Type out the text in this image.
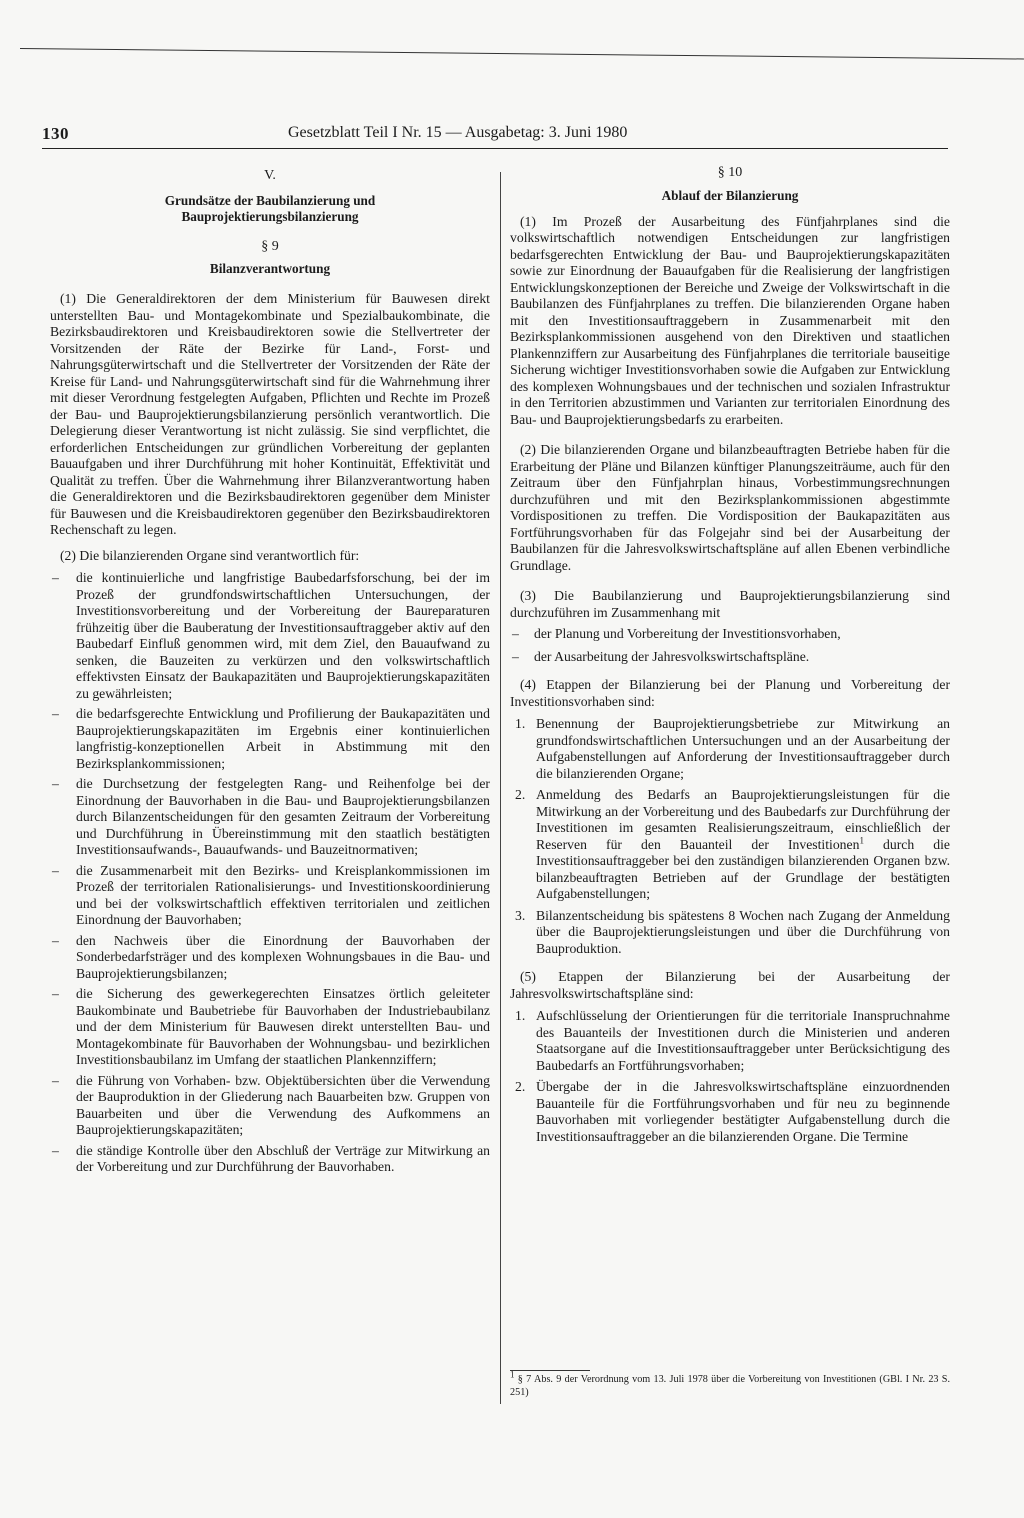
130	Gesetzblatt Teil I Nr. 15 — Ausgabetag: 3. Juni 1980
V.
Grundsätze der Baubilanzierung und
Bauprojektierungsbilanzierung
§ 9
Bilanzverantwortung

(1) Die Generaldirektoren der dem Ministerium für Bauwesen direkt unterstellten Bau- und Montagekombinate und Spezialbaukombinate, die Bezirksbaudirektoren und Kreisbaudirektoren sowie die Stellvertreter der Vorsitzenden der Räte der Bezirke für Land-, Forst- und Nahrungsgüterwirtschaft und die Stellvertreter der Vorsitzenden der Räte der Kreise für Land- und Nahrungsgüterwirtschaft sind für die Wahrnehmung ihrer mit dieser Verordnung festgelegten Aufgaben, Pflichten und Rechte im Prozeß der Bau- und Bauprojektierungsbilanzierung persönlich verantwortlich. Die Delegierung dieser Verantwortung ist nicht zulässig. Sie sind verpflichtet, die erforderlichen Entscheidungen zur gründlichen Vorbereitung der geplanten Bauaufgaben und ihrer Durchführung mit hoher Kontinuität, Effektivität und Qualität zu treffen. Über die Wahrnehmung ihrer Bilanzverantwortung haben die Generaldirektoren und die Bezirksbaudirektoren gegenüber dem Minister für Bauwesen und die Kreisbaudirektoren gegenüber den Bezirksbaudirektoren Rechenschaft zu legen.

(2) Die bilanzierenden Organe sind verantwortlich für:

– die kontinuierliche und langfristige Baubedarfsforschung, bei der im Prozeß der grundfondswirtschaftlichen Untersuchungen, der Investitionsvorbereitung und der Vorbereitung der Baureparaturen frühzeitig über die Bauberatung der Investitionsauftraggeber aktiv auf den Baubedarf Einfluß genommen wird, mit dem Ziel, den Bauaufwand zu senken, die Bauzeiten zu verkürzen und den volkswirtschaftlich effektivsten Einsatz der Baukapazitäten und Bauprojektierungskapazitäten zu gewährleisten;
– die bedarfsgerechte Entwicklung und Profilierung der Baukapazitäten und Bauprojektierungskapazitäten im Ergebnis einer kontinuierlichen langfristig-konzeptionellen Arbeit in Abstimmung mit den Bezirksplankommissionen;
– die Durchsetzung der festgelegten Rang- und Reihenfolge bei der Einordnung der Bauvorhaben in die Bau- und Bauprojektierungsbilanzen durch Bilanzentscheidungen für den gesamten Zeitraum der Vorbereitung und Durchführung in Übereinstimmung mit den staatlich bestätigten Investitionsaufwands-, Bauaufwands- und Bauzeitnormativen;
– die Zusammenarbeit mit den Bezirks- und Kreisplankommissionen im Prozeß der territorialen Rationalisierungs- und Investitionskoordinierung und bei der volkswirtschaftlich effektiven territorialen und zeitlichen Einordnung der Bauvorhaben;
– den Nachweis über die Einordnung der Bauvorhaben der Sonderbedarfsträger und des komplexen Wohnungsbaues in die Bau- und Bauprojektierungsbilanzen;
– die Sicherung des gewerkegerechten Einsatzes örtlich geleiteter Baukombinate und Baubetriebe für Bauvorhaben der Industriebaubilanz und der dem Ministerium für Bauwesen direkt unterstellten Bau- und Montagekombinate für Bauvorhaben der Wohnungsbau- und bezirklichen Investitionsbaubilanz im Umfang der staatlichen Plankennziffern;
– die Führung von Vorhaben- bzw. Objektübersichten über die Verwendung der Bauproduktion in der Gliederung nach Bauarbeiten bzw. Gruppen von Bauarbeiten und über die Verwendung des Aufkommens an Bauprojektierungskapazitäten;
– die ständige Kontrolle über den Abschluß der Verträge zur Mitwirkung an der Vorbereitung und zur Durchführung der Bauvorhaben.
§ 10
Ablauf der Bilanzierung

(1) Im Prozeß der Ausarbeitung des Fünfjahrplanes sind die volkswirtschaftlich notwendigen Entscheidungen zur langfristigen bedarfsgerechten Entwicklung der Bau- und Bauprojektierungskapazitäten sowie zur Einordnung der Bauaufgaben für die Realisierung der langfristigen Entwicklungskonzeptionen der Bereiche und Zweige der Volkswirtschaft in die Baubilanzen des Fünfjahrplanes zu treffen. Die bilanzierenden Organe haben mit den Investitionsauftraggebern in Zusammenarbeit mit den Bezirksplankommissionen ausgehend von den Direktiven und staatlichen Plankennziffern zur Ausarbeitung des Fünfjahrplanes die territoriale bauseitige Sicherung wichtiger Investitionsvorhaben sowie die Aufgaben zur Entwicklung des komplexen Wohnungsbaues und der technischen und sozialen Infrastruktur in den Territorien abzustimmen und Varianten zur territorialen Einordnung des Bau- und Bauprojektierungsbedarfs zu erarbeiten.

(2) Die bilanzierenden Organe und bilanzbeauftragten Betriebe haben für die Erarbeitung der Pläne und Bilanzen künftiger Planungszeiträume, auch für den Zeitraum über den Fünfjahrplan hinaus, Vorbestimmungsrechnungen durchzuführen und mit den Bezirksplankommissionen abgestimmte Vordispositionen zu treffen. Die Vordisposition der Baukapazitäten aus Fortführungsvorhaben für das Folgejahr sind bei der Ausarbeitung der Baubilanzen für die Jahresvolkswirtschaftspläne auf allen Ebenen verbindliche Grundlage.

(3) Die Baubilanzierung und Bauprojektierungsbilanzierung sind durchzuführen im Zusammenhang mit

– der Planung und Vorbereitung der Investitionsvorhaben,
– der Ausarbeitung der Jahresvolkswirtschaftspläne.

(4) Etappen der Bilanzierung bei der Planung und Vorbereitung der Investitionsvorhaben sind:

1. Benennung der Bauprojektierungsbetriebe zur Mitwirkung an grundfondswirtschaftlichen Untersuchungen und an der Ausarbeitung der Aufgabenstellungen auf Anforderung der Investitionsauftraggeber durch die bilanzierenden Organe;
2. Anmeldung des Bedarfs an Bauprojektierungsleistungen für die Mitwirkung an der Vorbereitung und des Baubedarfs zur Durchführung der Investitionen im gesamten Realisierungszeitraum, einschließlich der Reserven für den Bauanteil der Investitionen$^1$ durch die Investitionsauftraggeber bei den zuständigen bilanzierenden Organen bzw. bilanzbeauftragten Betrieben auf der Grundlage der bestätigten Aufgabenstellungen;
3. Bilanzentscheidung bis spätestens 8 Wochen nach Zugang der Anmeldung über die Bauprojektierungsleistungen und über die Durchführung von Bauproduktion.

(5) Etappen der Bilanzierung bei der Ausarbeitung der Jahresvolkswirtschaftspläne sind:

1. Aufschlüsselung der Orientierungen für die territoriale Inanspruchnahme des Bauanteils der Investitionen durch die Ministerien und anderen Staatsorgane auf die Investitionsauftraggeber unter Berücksichtigung des Baubedarfs an Fortführungsvorhaben;
2. Übergabe der in die Jahresvolkswirtschaftspläne einzuordnenden Bauanteile für die Fortführungsvorhaben und für neu zu beginnende Bauvorhaben mit vorliegender bestätigter Aufgabenstellung durch die Investitionsauftraggeber an die bilanzierenden Organe. Die Termine
$^1$ § 7 Abs. 9 der Verordnung vom 13. Juli 1978 über die Vorbereitung von Investitionen (GBl. I Nr. 23 S. 251)
